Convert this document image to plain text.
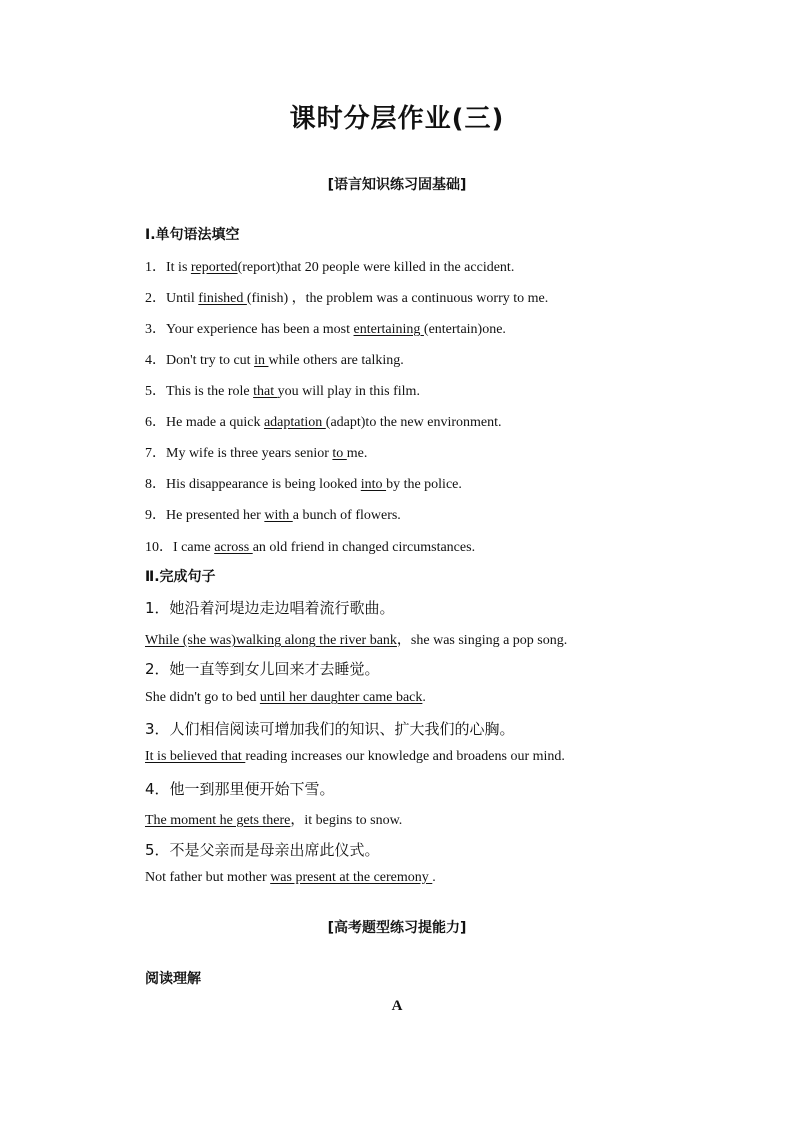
课时分层作业(三)
[语言知识练习固基础]
Ⅰ.单句语法填空
1．It is reported(report)that 20 people were killed in the accident.
2．Until finished (finish) ，the problem was a continuous worry to me.
3．Your experience has been a most entertaining (entertain)one.
4．Don't try to cut in while others are talking.
5．This is the role that you will play in this film.
6．He made a quick adaptation (adapt)to the new environment.
7．My wife is three years senior to me.
8．His disappearance is being looked into by the police.
9．He presented her with a bunch of flowers.
10．I came across an old friend in changed circumstances.
Ⅱ.完成句子
1．她沿着河堤边走边唱着流行歌曲。
While (she was)walking along the river bank，she was singing a pop song.
2．她一直等到女儿回来才去睡觉。
She didn't go to bed until her daughter came back.
3．人们相信阅读可增加我们的知识、扩大我们的心胸。
It is believed that reading increases our knowledge and broadens our mind.
4．他一到那里便开始下雪。
The moment he gets there，it begins to snow.
5．不是父亲而是母亲出席此仪式。
Not father but mother was present at the ceremony .
[高考题型练习提能力]
阅读理解
A
